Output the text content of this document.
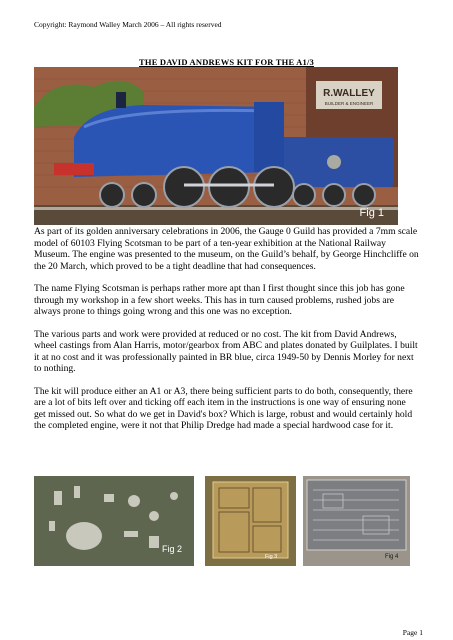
Copyright: Raymond Walley March 2006 – All rights reserved
THE DAVID ANDREWS KIT FOR THE A1/3
R.WALLEY
BUILDER & ENGINEER
Fig 1

As part of its golden anniversary celebrations in 2006, the Gauge 0 Guild has provided a 7mm scale model of 60103 Flying Scotsman to be part of a ten-year exhibition at the National Railway Museum. The engine was presented to the museum, on the Guild’s behalf, by George Hinchcliffe on the 20 March, which proved to be a tight deadline that had consequences.

The name Flying Scotsman is perhaps rather more apt than I first thought since this job has gone through my workshop in a few short weeks. This has in turn caused problems, rushed jobs are always prone to things going wrong and this one was no exception.

The various parts and work were provided at reduced or no cost. The kit from David Andrews, wheel castings from Alan Harris, motor/gearbox from ABC and plates donated by Guilplates. I built it at no cost and it was professionally painted in BR blue, circa 1949-50 by Dennis Morley for next to nothing.

The kit will produce either an A1 or A3, there being sufficient parts to do both, consequently, there are a lot of bits left over and ticking off each item in the instructions is one way of ensuring none get missed out. So what do we get in David's box? Which is large, robust and would certainly hold the completed engine, were it not that Philip Dredge had made a special hardwood case for it.

Fig 2
Fig 3	Fig 4
Page 1
